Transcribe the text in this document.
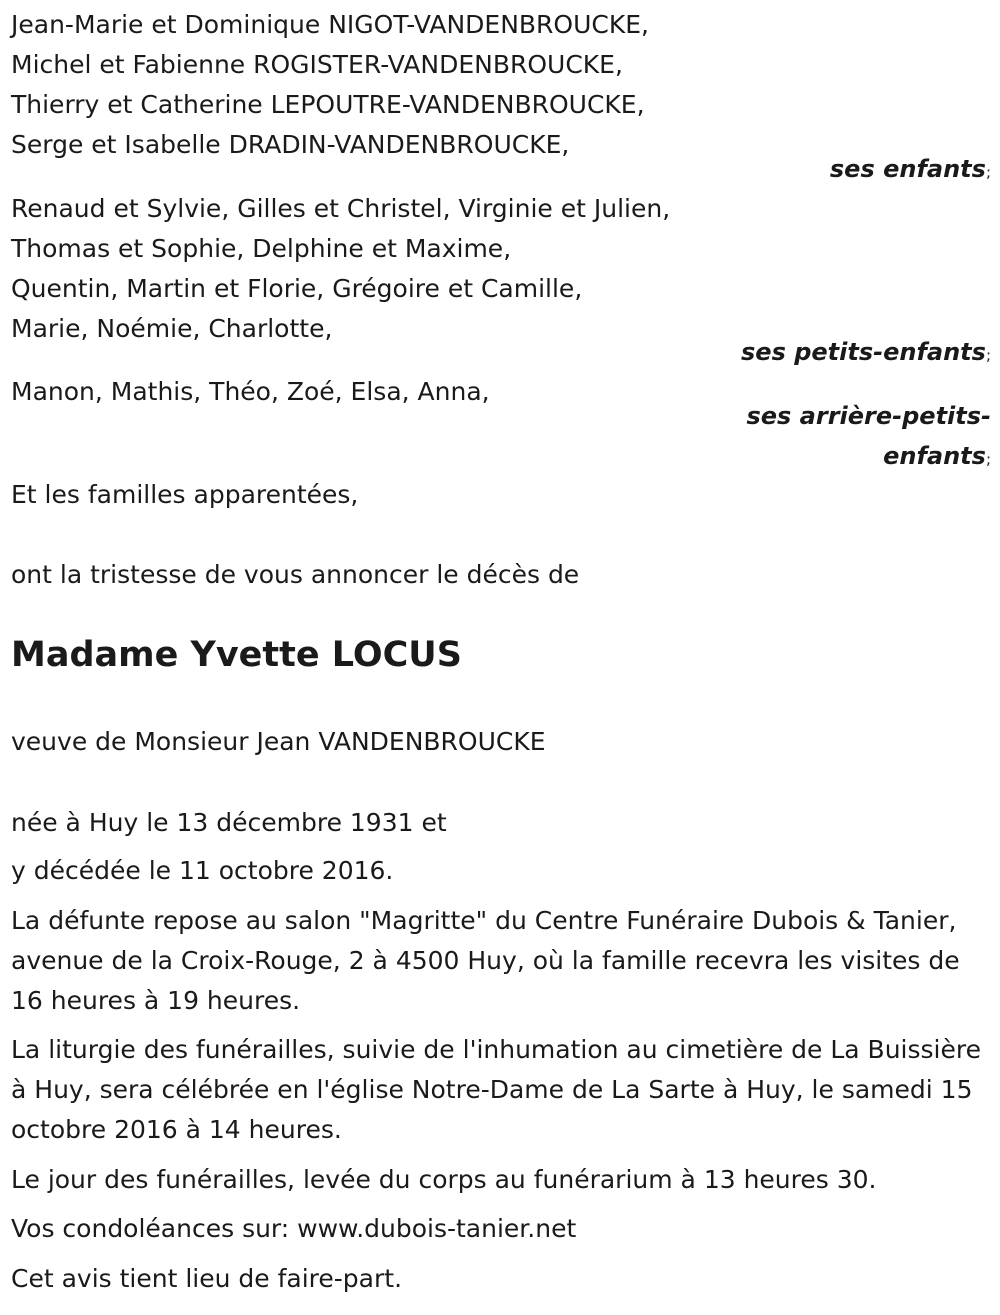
Jean-Marie et Dominique NIGOT-VANDENBROUCKE,
Michel et Fabienne ROGISTER-VANDENBROUCKE,
Thierry et Catherine LEPOUTRE-VANDENBROUCKE,
Serge et Isabelle DRADIN-VANDENBROUCKE,
ses enfants;
Renaud et Sylvie, Gilles et Christel, Virginie et Julien,
Thomas et Sophie, Delphine et Maxime,
Quentin, Martin et Florie, Grégoire et Camille,
Marie, Noémie, Charlotte,
ses petits-enfants;
Manon, Mathis, Théo, Zoé, Elsa, Anna,
ses arrière-petits-
enfants;
Et les familles apparentées,
ont la tristesse de vous annoncer le décès de
Madame Yvette LOCUS
veuve de Monsieur Jean VANDENBROUCKE
née à Huy le 13 décembre 1931 et
y décédée le 11 octobre 2016.
La défunte repose au salon "Magritte" du Centre Funéraire Dubois & Tanier, avenue de la Croix-Rouge, 2 à 4500 Huy, où la famille recevra les visites de 16 heures à 19 heures.
La liturgie des funérailles, suivie de l'inhumation au cimetière de La Buissière à Huy, sera célébrée en l'église Notre-Dame de La Sarte à Huy, le samedi 15 octobre 2016 à 14 heures.
Le jour des funérailles, levée du corps au funérarium à 13 heures 30.
Vos condoléances sur: www.dubois-tanier.net
Cet avis tient lieu de faire-part.
